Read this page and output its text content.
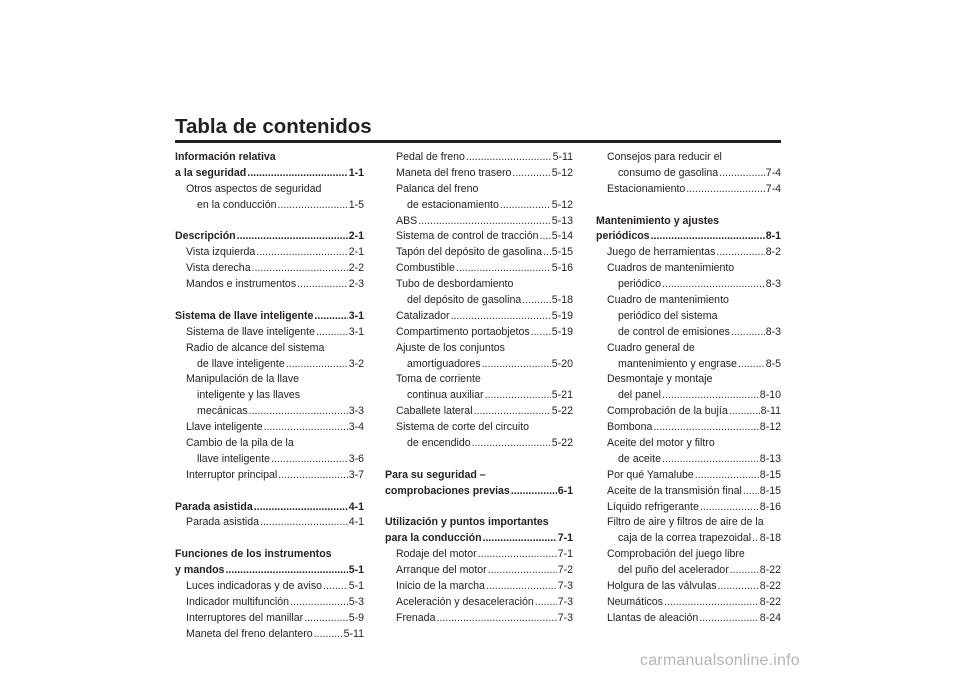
Tabla de contenidos
Información relativa
a la seguridad .....	1-1
Otros aspectos de seguridad
en la conducción .....	1-5
Descripción .....	2-1
Vista izquierda .....	2-1
Vista derecha .....	2-2
Mandos e instrumentos .....	2-3
Sistema de llave inteligente .....	3-1
Sistema de llave inteligente .....	3-1
Radio de alcance del sistema
de llave inteligente .....	3-2
Manipulación de la llave
inteligente y las llaves
mecánicas .....	3-3
Llave inteligente .....	3-4
Cambio de la pila de la
llave inteligente .....	3-6
Interruptor principal .....	3-7
Parada asistida .....	4-1
Parada asistida .....	4-1
Funciones de los instrumentos
y mandos .....	5-1
Luces indicadoras y de aviso .....	5-1
Indicador multifunción .....	5-3
Interruptores del manillar .....	5-9
Maneta del freno delantero .....	5-11
Pedal de freno .....	5-11
Maneta del freno trasero .....	5-12
Palanca del freno
de estacionamiento .....	5-12
ABS .....	5-13
Sistema de control de tracción ..... 5-14
Tapón del depósito de gasolina ..... 5-15
Combustible .....	5-16
Tubo de desbordamiento
del depósito de gasolina .....	5-18
Catalizador .....	5-19
Compartimento portaobjetos ..... 5-19
Ajuste de los conjuntos
amortiguadores .....	5-20
Toma de corriente
continua auxiliar .....	5-21
Caballete lateral .....	5-22
Sistema de corte del circuito
de encendido .....	5-22
Para su seguridad –
comprobaciones previas .....	6-1
Utilización y puntos importantes
para la conducción .....	7-1
Rodaje del motor .....	7-1
Arranque del motor .....	7-2
Inicio de la marcha .....	7-3
Aceleración y desaceleración ..... 7-3
Frenada .....	7-3
Consejos para reducir el
consumo de gasolina .....	7-4
Estacionamiento .....	7-4
Mantenimiento y ajustes
periódicos .....	8-1
Juego de herramientas .....	8-2
Cuadros de mantenimiento
periódico .....	8-3
Cuadro de mantenimiento
periódico del sistema
de control de emisiones .....	8-3
Cuadro general de
mantenimiento y engrase .....	8-5
Desmontaje y montaje
del panel .....	8-10
Comprobación de la bujía .....	8-11
Bombona .....	8-12
Aceite del motor y filtro
de aceite .....	8-13
Por qué Yamalube .....	8-15
Aceite de la transmisión final ..... 8-15
Líquido refrigerante .....	8-16
Filtro de aire y filtros de aire de la
caja de la correa trapezoidal ..... 8-18
Comprobación del juego libre
del puño del acelerador .....	8-22
Holgura de las válvulas .....	8-22
Neumáticos .....	8-22
Llantas de aleación .....	8-24
carmanualsonline.info
